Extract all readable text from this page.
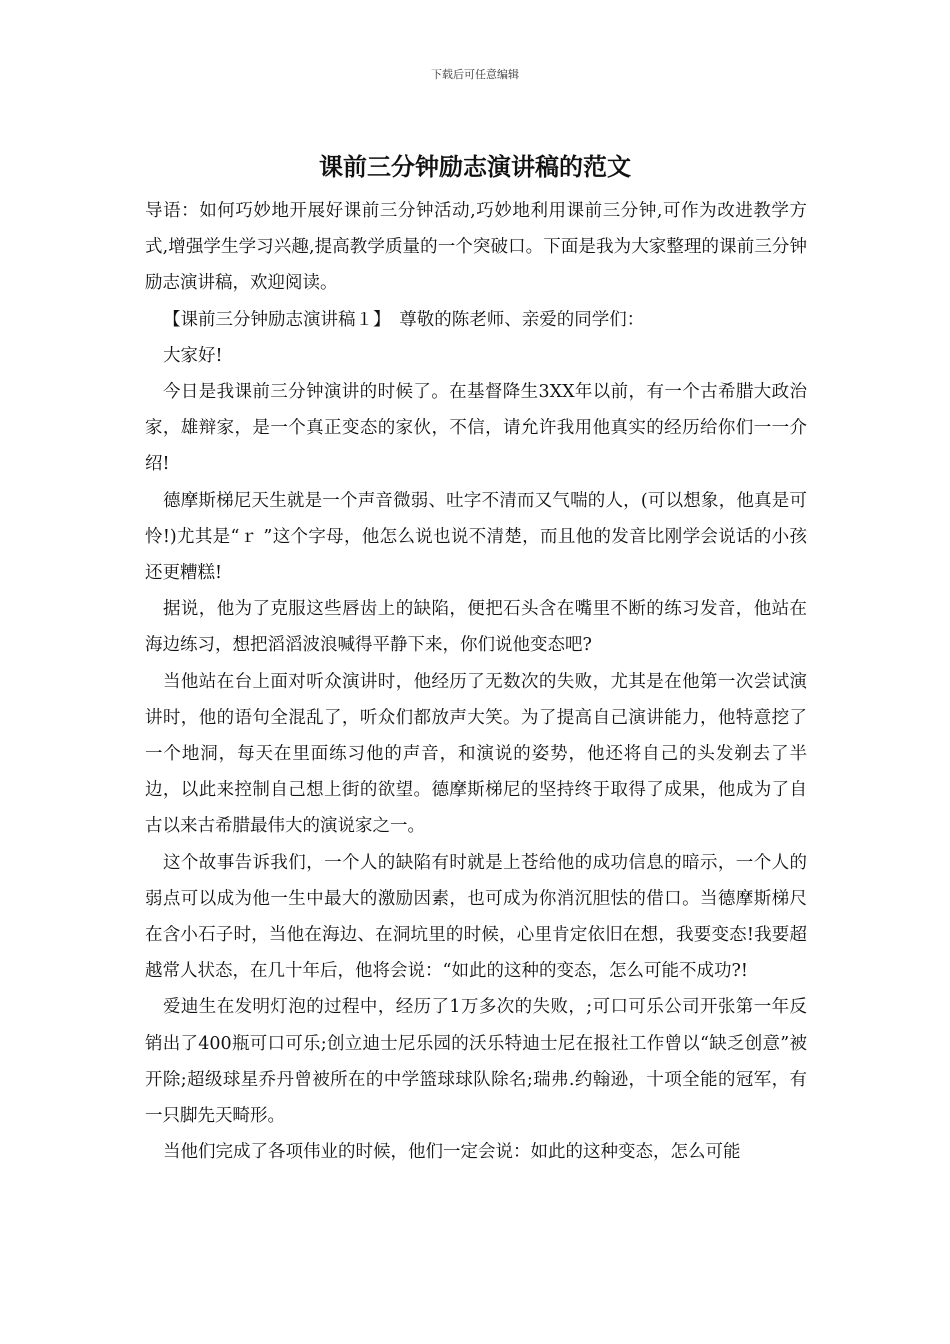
下载后可任意编辑
课前三分钟励志演讲稿的范文

导语：如何巧妙地开展好课前三分钟活动,巧妙地利用课前三分钟,可作为改进教学方式,增强学生学习兴趣,提高教学质量的一个突破口。下面是我为大家整理的课前三分钟励志演讲稿，欢迎阅读。

【课前三分钟励志演讲稿１】　尊敬的陈老师、亲爱的同学们：

大家好!

今日是我课前三分钟演讲的时候了。在基督降生3XX年以前，有一个古希腊大政治家，雄辩家，是一个真正变态的家伙，不信，请允许我用他真实的经历给你们一一介绍!

德摩斯梯尼天生就是一个声音微弱、吐字不清而又气喘的人，(可以想象，他真是可怜!)尤其是“ｒ ”这个字母，他怎么说也说不清楚，而且他的发音比刚学会说话的小孩还更糟糕!

据说，他为了克服这些唇齿上的缺陷，便把石头含在嘴里不断的练习发音，他站在海边练习，想把滔滔波浪喊得平静下来，你们说他变态吧?

当他站在台上面对听众演讲时，他经历了无数次的失败，尤其是在他第一次尝试演讲时，他的语句全混乱了，听众们都放声大笑。为了提高自己演讲能力，他特意挖了一个地洞，每天在里面练习他的声音，和演说的姿势，他还将自己的头发剃去了半边，以此来控制自己想上街的欲望。德摩斯梯尼的坚持终于取得了成果，他成为了自古以来古希腊最伟大的演说家之一。

这个故事告诉我们，一个人的缺陷有时就是上苍给他的成功信息的暗示，一个人的弱点可以成为他一生中最大的激励因素，也可成为你消沉胆怯的借口。当德摩斯梯尺在含小石子时，当他在海边、在洞坑里的时候，心里肯定依旧在想，我要变态!我要超越常人状态，在几十年后，他将会说：“如此的这种的变态，怎么可能不成功?!

爱迪生在发明灯泡的过程中，经历了1万多次的失败，;可口可乐公司开张第一年反销出了400瓶可口可乐;创立迪士尼乐园的沃乐特迪士尼在报社工作曾以“缺乏创意”被开除;超级球星乔丹曾被所在的中学篮球球队除名;瑞弗.约翰逊，十项全能的冠军，有一只脚先天畸形。

当他们完成了各项伟业的时候，他们一定会说：如此的这种变态，怎么可能
